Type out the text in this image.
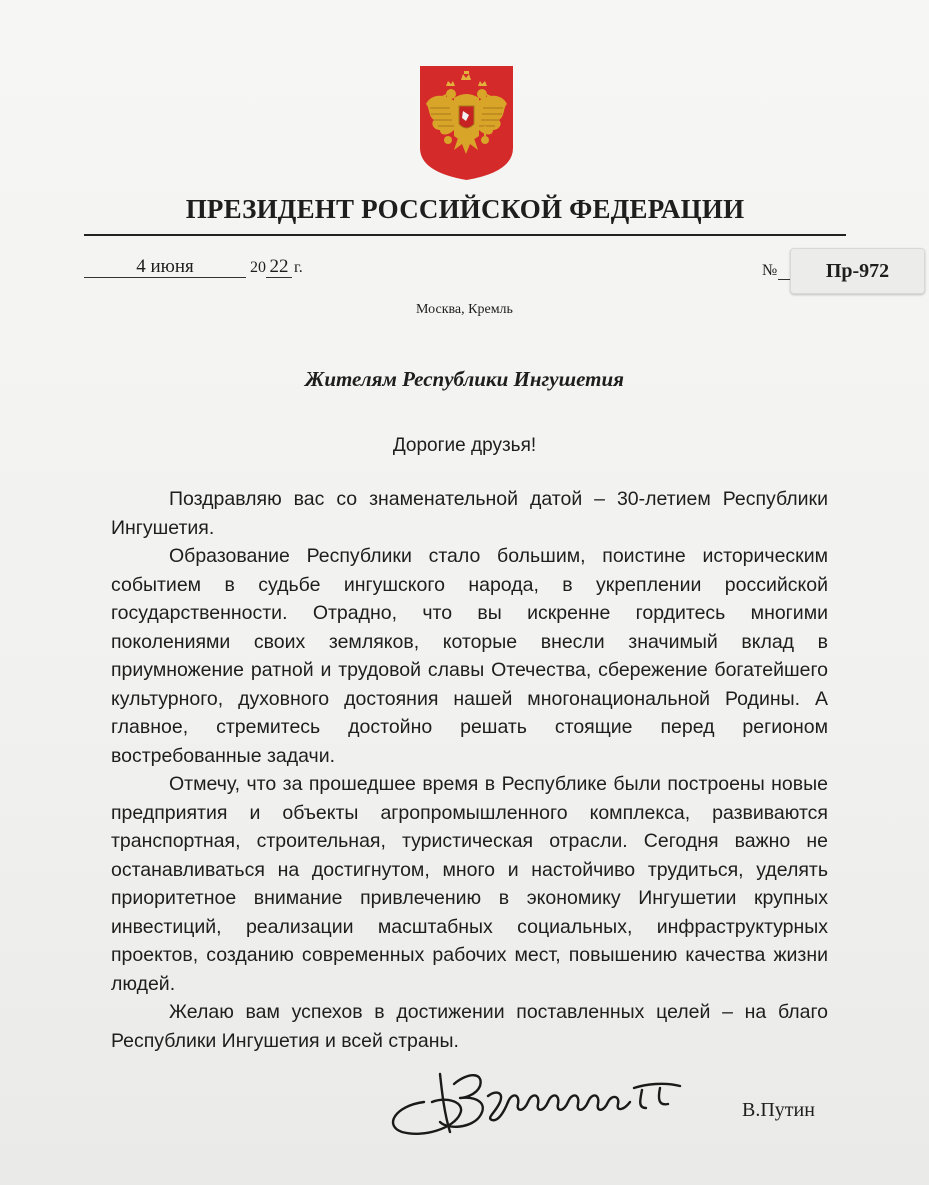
ПРЕЗИДЕНТ РОССИЙСКОЙ ФЕДЕРАЦИИ
4 июня	20 22 г.	№	Пр-972
Москва, Кремль
Жителям Республики Ингушетия
Дорогие друзья!

Поздравляю вас со знаменательной датой – 30-летием Республики Ингушетия.

Образование Республики стало большим, поистине историческим событием в судьбе ингушского народа, в укреплении российской государственности. Отрадно, что вы искренне гордитесь многими поколениями своих земляков, которые внесли значимый вклад в приумножение ратной и трудовой славы Отечества, сбережение богатейшего культурного, духовного достояния нашей многонациональной Родины. А главное, стремитесь достойно решать стоящие перед регионом востребованные задачи.

Отмечу, что за прошедшее время в Республике были построены новые предприятия и объекты агропромышленного комплекса, развиваются транспортная, строительная, туристическая отрасли. Сегодня важно не останавливаться на достигнутом, много и настойчиво трудиться, уделять приоритетное внимание привлечению в экономику Ингушетии крупных инвестиций, реализации масштабных социальных, инфраструктурных проектов, созданию современных рабочих мест, повышению качества жизни людей.

Желаю вам успехов в достижении поставленных целей – на благо Республики Ингушетия и всей страны.

В.Путин
